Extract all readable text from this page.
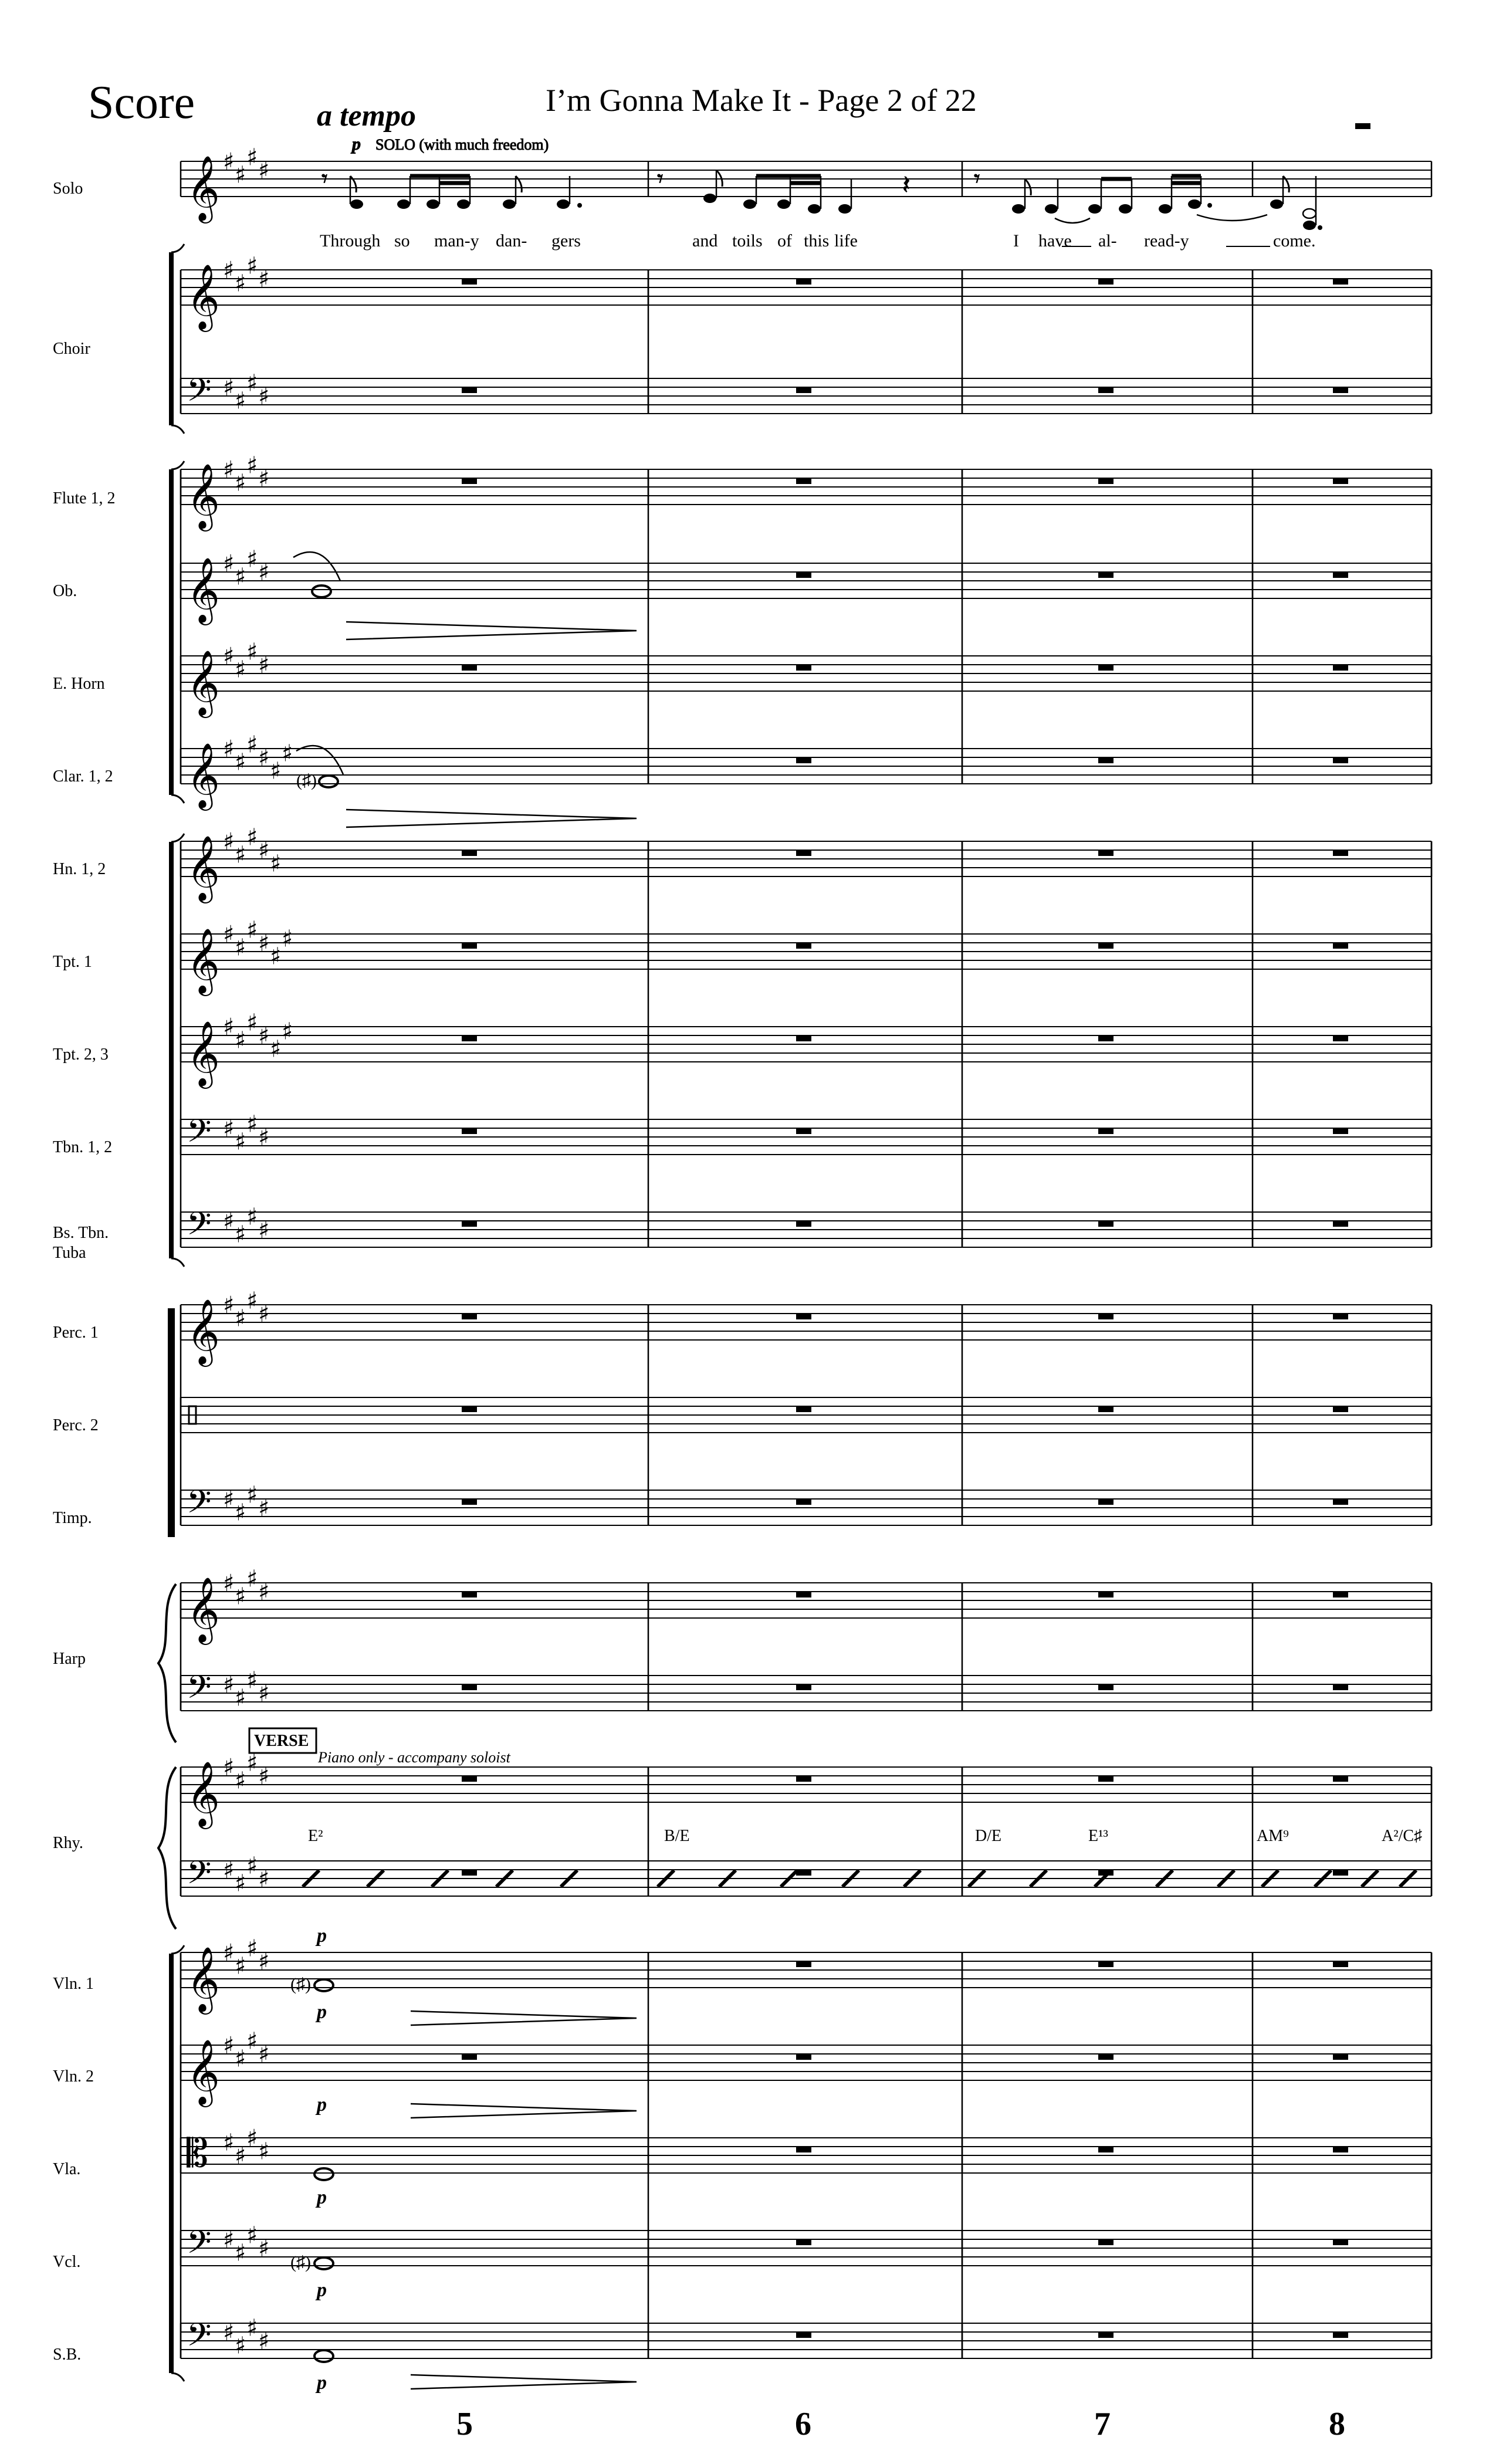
Score	I’m Gonna Make It - Page 2 of 22
a tempo
Solo
Choir
Flute 1, 2
Ob.
E. Horn
Clar. 1, 2
Hn. 1, 2
Tpt. 1
Tpt. 2, 3
Tbn. 1, 2
Bs. Tbn.
Tuba
Perc. 1
Perc. 2
Timp.
Harp
Rhy.
Vln. 1
Vln. 2
Vla.
Vcl.
S.B.
𝄞 ♯ ♯
♯ ♯
𝄞 ♯ ♯
♯ ♯
𝄢 ♯ ♯
♯ ♯
𝄞 ♯ ♯
♯ ♯
𝄞 ♯ ♯
♯ ♯
𝄞 ♯ ♯
♯ ♯
𝄞 ♯ ♯
♯ ♯ ♯
♯
𝄞 ♯ ♯
♯ ♯ ♯
𝄞 ♯ ♯
♯ ♯ ♯
♯
𝄞 ♯ ♯
♯ ♯ ♯
♯
𝄢 ♯ ♯
♯ ♯
𝄢 ♯ ♯
♯ ♯
𝄞 ♯ ♯
♯ ♯
𝄢 ♯ ♯
♯ ♯
𝄞 ♯ ♯
♯ ♯
𝄢 ♯ ♯
♯ ♯
𝄞 ♯ ♯
♯ ♯
𝄢 ♯ ♯
♯ ♯
𝄞 ♯ ♯
♯ ♯
𝄞 ♯ ♯
♯ ♯
𝄡 ♯ ♯
♯ ♯
𝄢 ♯ ♯
♯ ♯
𝄢 ♯ ♯
♯ ♯
p SOLO (with much freedom)
𝄾	𝄾	𝄽	𝄾
Through so man-y dan- gers	and toils of this life	I have al- read-y	come.
(♯)
(♯)
(♯)
p
p
p
p
p
p
VERSE
Piano only - accompany soloist
E²	B/E	D/E	E¹³	AM⁹	A²/C♯
5	6	7	8
